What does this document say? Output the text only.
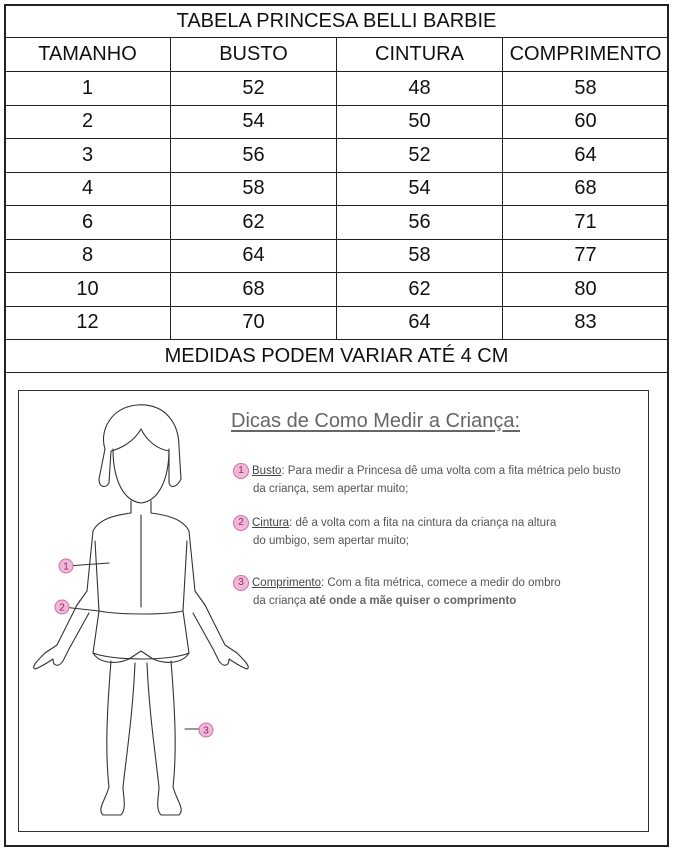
TABELA PRINCESA BELLI BARBIE			
TAMANHO	BUSTO	CINTURA	COMPRIMENTO
1	52	48	58
2	54	50	60
3	56	52	64
4	58	54	68
6	62	56	71
8	64	58	77
10	68	62	80
12	70	64	83
MEDIDAS PODEM VARIAR ATÉ 4 CM			
1
2
3
Dicas de Como Medir a Criança:
1 Busto: Para medir a Princesa dê uma volta com a fita métrica pelo busto
da criança, sem apertar muito;
2 Cintura: dê a volta com a fita na cintura da criança na altura
do umbigo, sem apertar muito;
3 Comprimento: Com a fita métrica, comece a medir do ombro
da criança até onde a mãe quiser o comprimento
